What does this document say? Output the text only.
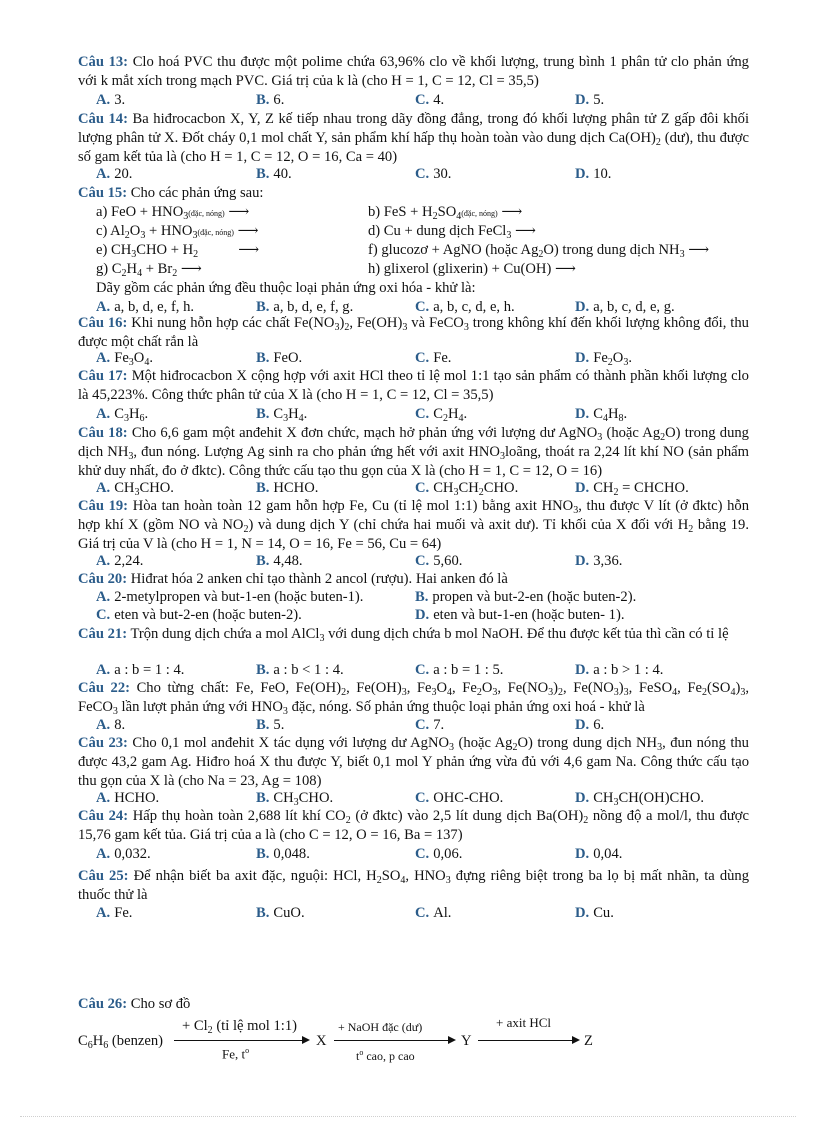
Câu 13: Clo hoá PVC thu được một polime chứa 63,96% clo về khối lượng, trung bình 1 phân tử clo phản ứng với k mắt xích trong mạch PVC. Giá trị của k là (cho H = 1, C = 12, Cl = 35,5)
A. 3.	B. 6.	C. 4.	D. 5.
Câu 14: Ba hiđrocacbon X, Y, Z kế tiếp nhau trong dãy đồng đẳng, trong đó khối lượng phân tử Z gấp đôi khối lượng phân tử X. Đốt cháy 0,1 mol chất Y, sản phẩm khí hấp thụ hoàn toàn vào dung dịch $Ca(OH)_2$ (dư), thu được số gam kết tủa là (cho H = 1, C = 12, O = 16, Ca = 40)
A. 20.	B. 40.	C. 30.	D. 10.
Câu 15: Cho các phản ứng sau:
a) FeO + $HNO_3(đặc$, nóng) ⟶	b) FeS + $H_2SO_4(đặc$, nóng) ⟶
c) $Al_2O_3$ + $HNO_3(đặc$, nóng) ⟶	d) Cu + dung dịch FeCl$_3$ ⟶
e) $CH_3CHO + H_2$           ⟶	f) glucozơ + AgNO (hoặc $Ag_2O$) trong dung dịch $NH_3$ ⟶
g) $C_2H_4 + Br_2$ ⟶	h) glixerol (glixerin) + Cu(OH) ⟶
Dãy gồm các phản ứng đều thuộc loại phản ứng oxi hóa - khử là:
A. a, b, d, e, f, h.	B. a, b, d, e, f, g.	C. a, b, c, d, e, h.	D. a, b, c, d, e, g.
Câu 16: Khi nung hỗn hợp các chất $Fe(NO_3)_2$, $Fe(OH)_3$ và FeCO$_3$ trong không khí đến khối lượng không đổi, thu được một chất rắn là
A. $Fe_3O_4$.	B. FeO.	C. Fe.	D. $Fe_2O_3$.
Câu 17: Một hiđrocacbon X cộng hợp với axit HCl theo tỉ lệ mol 1:1 tạo sản phẩm có thành phần khối lượng clo là 45,223%. Công thức phân tử của X là (cho H = 1, C = 12, Cl = 35,5)
A. $C_3H_6$.	B. $C_3H_4$.	C. $C_2H_4$.	D. $C_4H_8$.
Câu 18: Cho 6,6 gam một anđehit X đơn chức, mạch hở phản ứng với lượng dư AgNO$_3$ (hoặc $Ag_2O$) trong dung dịch $NH_3$, đun nóng. Lượng Ag sinh ra cho phản ứng hết với axit $HNO_3loãng$, thoát ra 2,24 lít khí NO (sản phẩm khử duy nhất, đo ở đktc). Công thức cấu tạo thu gọn của X là (cho H = 1, C = 12, O = 16)
A. $CH_3CHO$.	B. HCHO.	C. $CH_3CH_2CHO$.	D. $CH_2$ = CHCHO.
Câu 19: Hòa tan hoàn toàn 12 gam hỗn hợp Fe, Cu (tỉ lệ mol 1:1) bằng axit $HNO_3$, thu được V lít (ở đktc) hỗn hợp khí X (gồm NO và $NO_2$) và dung dịch Y (chỉ chứa hai muối và axit dư). Tỉ khối của X đối với $H_2$ bằng 19. Giá trị của V là (cho H = 1, N = 14, O = 16, Fe = 56, Cu = 64)
A. 2,24.	B. 4,48.	C. 5,60.	D. 3,36.
Câu 20: Hiđrat hóa 2 anken chỉ tạo thành 2 ancol (rượu). Hai anken đó là
A. 2-metylpropen và but-1-en (hoặc buten-1).	B. propen và but-2-en (hoặc buten-2).
C. eten và but-2-en (hoặc buten-2).	D. eten và but-1-en (hoặc buten- 1).
Câu 21: Trộn dung dịch chứa a mol AlCl$_3$ với dung dịch chứa b mol NaOH. Để thu được kết tủa thì cần có tỉ lệ
A. a : b = 1 : 4.	B. a : b < 1 : 4.	C. a : b = 1 : 5.	D. a : b > 1 : 4.
Câu 22: Cho từng chất: Fe, FeO, $Fe(OH)_2$, $Fe(OH)_3$, $Fe_3O_4$, $Fe_2O_3$, $Fe(NO_3)_2$, $Fe(NO_3)_3$, FeSO$_4$, $Fe_2(SO_4)_3$, FeCO$_3$ lần lượt phản ứng với $HNO_3$ đặc, nóng. Số phản ứng thuộc loại phản ứng oxi hoá - khử là
A. 8.	B. 5.	C. 7.	D. 6.
Câu 23: Cho 0,1 mol anđehit X tác dụng với lượng dư AgNO$_3$ (hoặc $Ag_2O$) trong dung dịch $NH_3$, đun nóng thu được 43,2 gam Ag. Hiđro hoá X thu được Y, biết 0,1 mol Y phản ứng vừa đủ với 4,6 gam Na. Công thức cấu tạo thu gọn của X là (cho Na = 23, Ag = 108)
A. HCHO.	B. $CH_3CHO$.	C. OHC-CHO.	D. $CH_3CH(OH)CHO$.
Câu 24: Hấp thụ hoàn toàn 2,688 lít khí $CO_2$ (ở đktc) vào 2,5 lít dung dịch $Ba(OH)_2$ nồng độ a mol/l, thu được 15,76 gam kết tủa. Giá trị của a là (cho C = 12, O = 16, Ba = 137)
A. 0,032.	B. 0,048.	C. 0,06.	D. 0,04.
Câu 25: Để nhận biết ba axit đặc, nguội: HCl, $H_2SO_4$, $HNO_3$ đựng riêng biệt trong ba lọ bị mất nhãn, ta dùng thuốc thử là
A. Fe.	B. CuO.	C. Al.	D. Cu.
Câu 26: Cho sơ đồ
$C_6H_6$ (benzen)
+ $Cl_2$ (tỉ lệ mol 1:1)
Fe, $t^o$
X
+ NaOH đặc (dư)
$t^o$ cao, p cao
Y
+ axit HCl
Z
